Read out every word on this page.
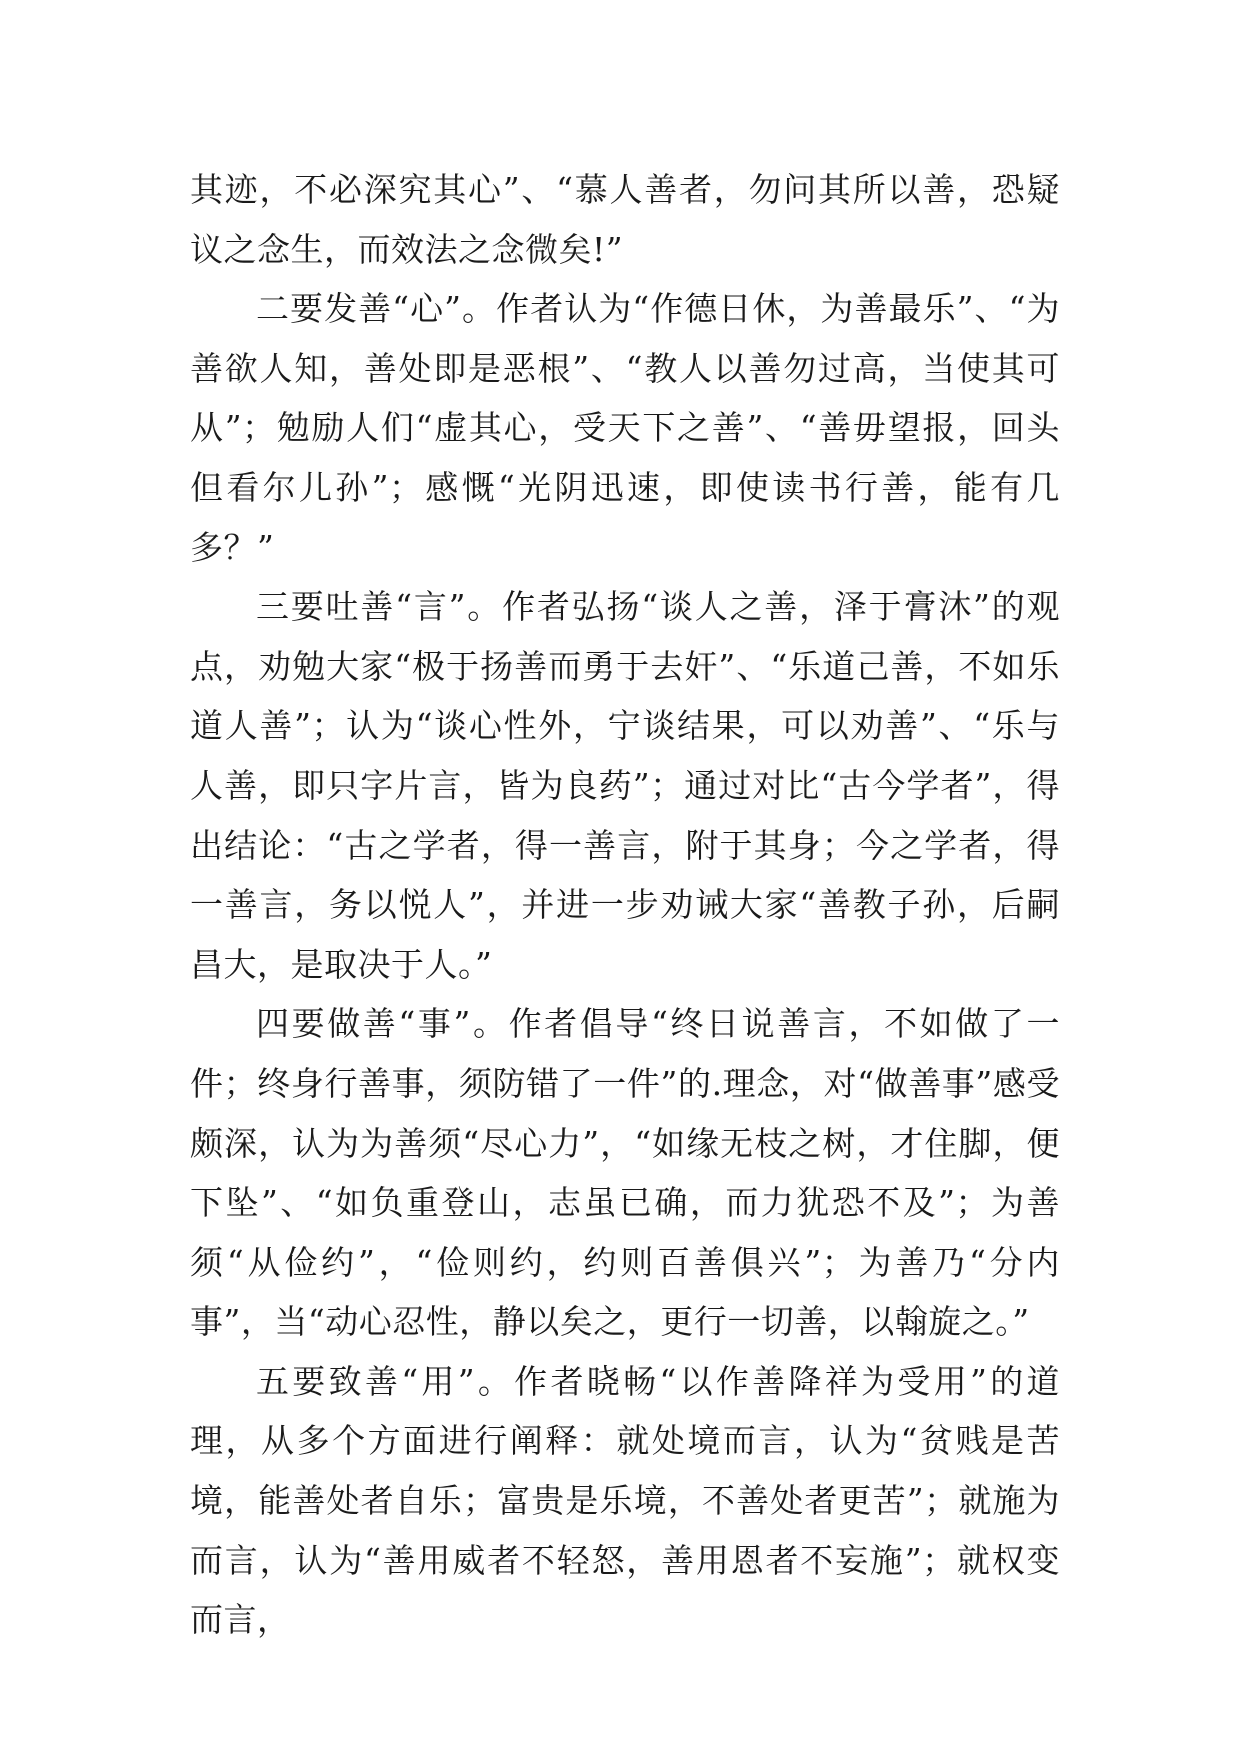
其迹，不必深究其心”、“慕人善者，勿问其所以善，恐疑议之念生，而效法之念微矣!”

二要发善“心”。作者认为“作德日休，为善最乐”、“为善欲人知，善处即是恶根”、“教人以善勿过高，当使其可从”；勉励人们“虚其心，受天下之善”、“善毋望报，回头但看尔儿孙”；感慨“光阴迅速，即使读书行善，能有几多？”

三要吐善“言”。作者弘扬“谈人之善，泽于膏沐”的观点，劝勉大家“极于扬善而勇于去奸”、“乐道己善，不如乐道人善”；认为“谈心性外，宁谈结果，可以劝善”、“乐与人善，即只字片言，皆为良药”；通过对比“古今学者”，得出结论：“古之学者，得一善言，附于其身；今之学者，得一善言，务以悦人”，并进一步劝诫大家“善教子孙，后嗣昌大，是取决于人。”

四要做善“事”。作者倡导“终日说善言，不如做了一件；终身行善事，须防错了一件”的.理念，对“做善事”感受颇深，认为为善须“尽心力”，“如缘无枝之树，才住脚，便下坠”、“如负重登山，志虽已确，而力犹恐不及”；为善须“从俭约”，“俭则约，约则百善俱兴”；为善乃“分内事”，当“动心忍性，静以矣之，更行一切善，以翰旋之。”

五要致善“用”。作者晓畅“以作善降祥为受用”的道理，从多个方面进行阐释：就处境而言，认为“贫贱是苦境，能善处者自乐；富贵是乐境，不善处者更苦”；就施为而言，认为“善用威者不轻怒，善用恩者不妄施”；就权变而言，
